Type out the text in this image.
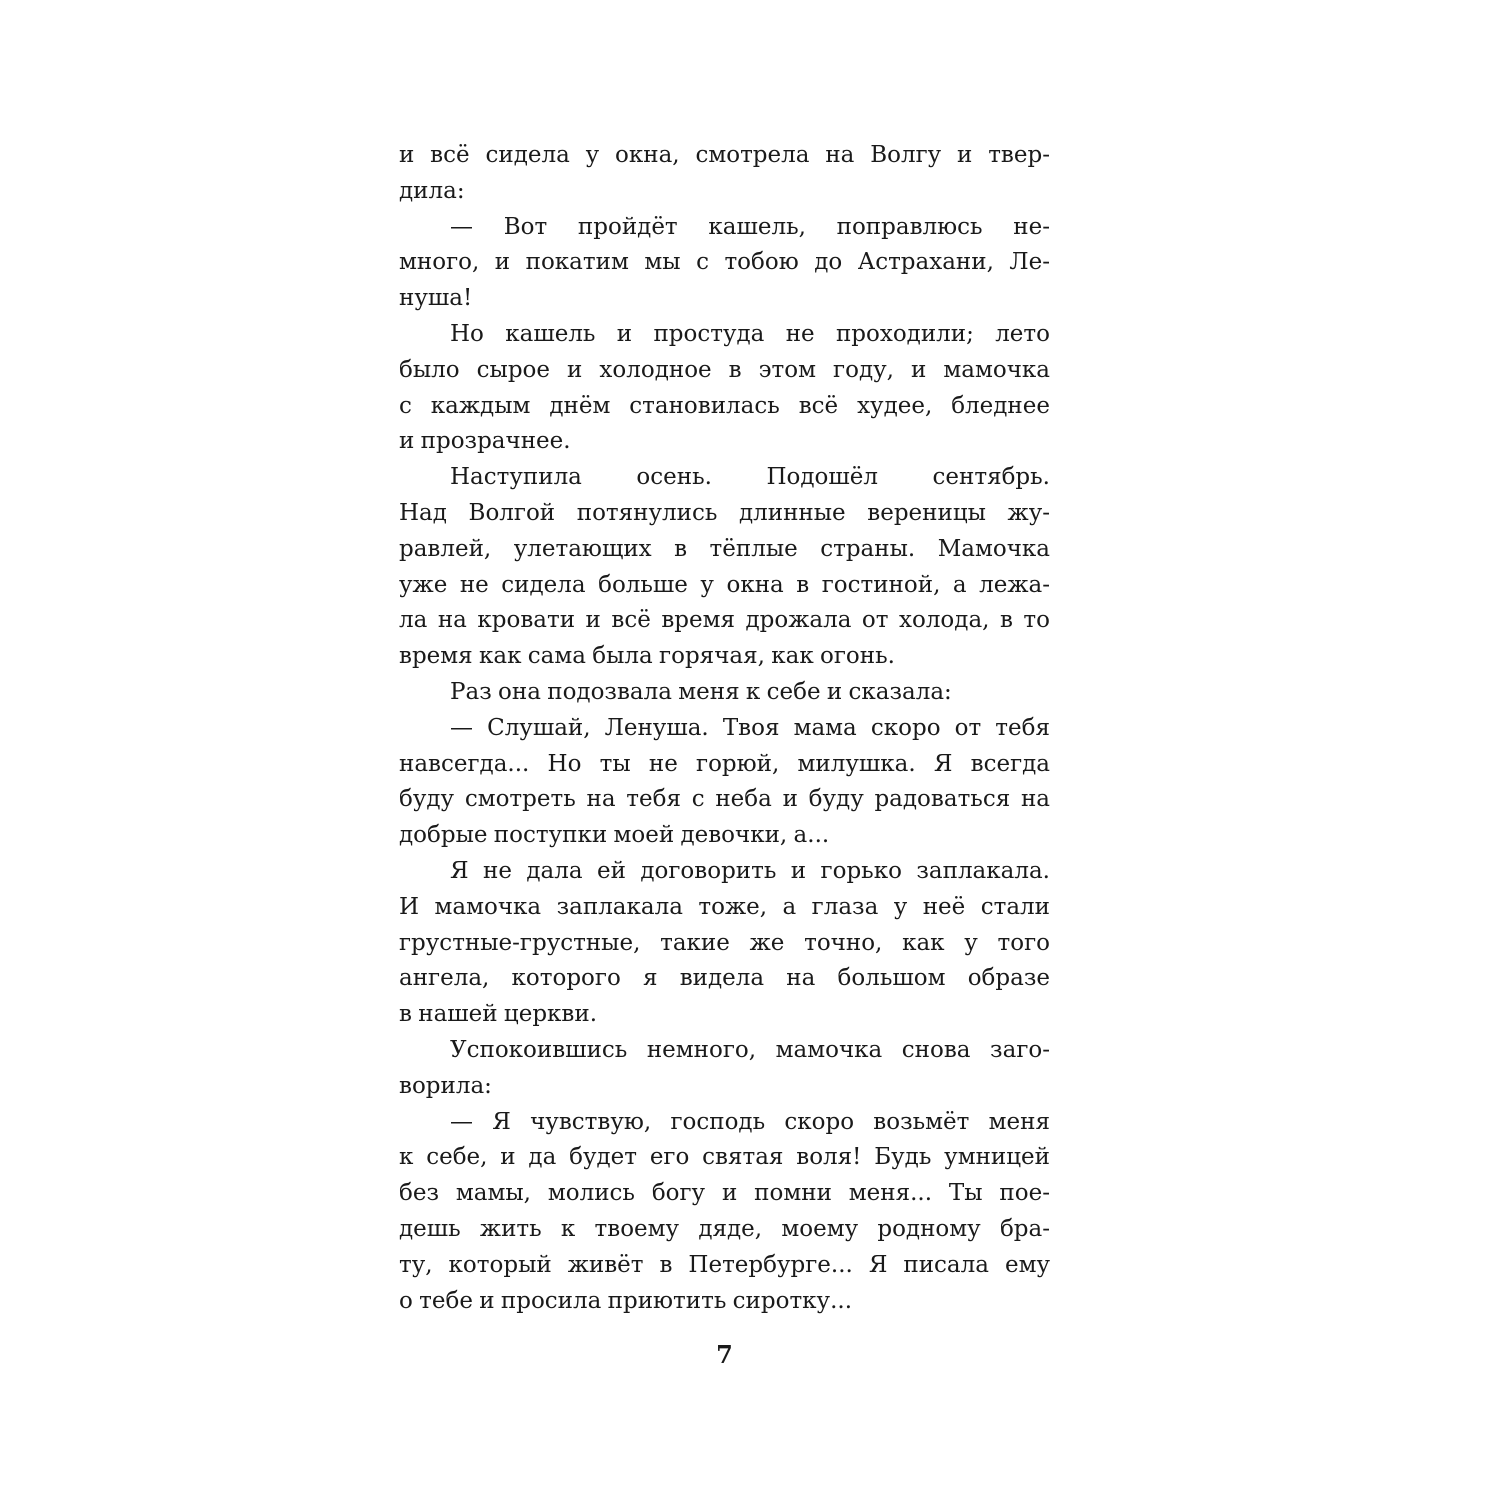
и всё сидела у окна, смотрела на Волгу и твер-
дила:
— Вот пройдёт кашель, поправлюсь не-
много, и покатим мы с тобою до Астрахани, Ле-
нуша!
Но кашель и простуда не проходили; лето
было сырое и холодное в этом году, и мамочка
с каждым днём становилась всё худее, бледнее
и прозрачнее.
Наступила осень. Подошёл сентябрь.
Над Волгой потянулись длинные вереницы жу-
равлей, улетающих в тёплые страны. Мамочка
уже не сидела больше у окна в гостиной, а лежа-
ла на кровати и всё время дрожала от холода, в то
время как сама была горячая, как огонь.
Раз она подозвала меня к себе и сказала:
— Слушай, Ленуша. Твоя мама скоро от тебя
навсегда... Но ты не горюй, милушка. Я всегда
буду смотреть на тебя с неба и буду радоваться на
добрые поступки моей девочки, а...
Я не дала ей договорить и горько заплакала.
И мамочка заплакала тоже, а глаза у неё стали
грустные-грустные, такие же точно, как у того
ангела, которого я видела на большом образе
в нашей церкви.
Успокоившись немного, мамочка снова заго-
ворила:
— Я чувствую, господь скоро возьмёт меня
к себе, и да будет его святая воля! Будь умницей
без мамы, молись богу и помни меня... Ты пое-
дешь жить к твоему дяде, моему родному бра-
ту, который живёт в Петербурге... Я писала ему
о тебе и просила приютить сиротку...
7
